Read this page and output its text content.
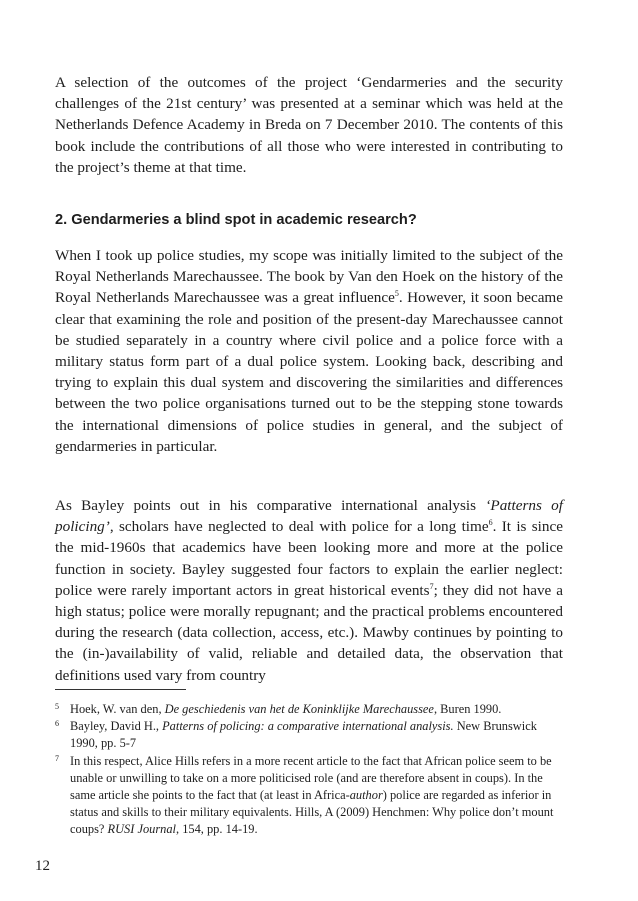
A selection of the outcomes of the project ‘Gendarmeries and the security challenges of the 21st century’ was presented at a seminar which was held at the Netherlands Defence Academy in Breda on 7 December 2010. The contents of this book include the contributions of all those who were interested in contributing to the project’s theme at that time.

2. Gendarmeries a blind spot in academic research?

When I took up police studies, my scope was initially limited to the subject of the Royal Netherlands Marechaussee. The book by Van den Hoek on the history of the Royal Netherlands Marechaussee was a great influence$^5$. However, it soon became clear that examining the role and position of the present-day Marechaussee cannot be studied separately in a country where civil police and a police force with a military status form part of a dual police system. Looking back, describing and trying to explain this dual system and discovering the similarities and differences between the two police organisations turned out to be the stepping stone towards the international dimensions of police studies in general, and the subject of gendarmeries in particular.

As Bayley points out in his comparative international analysis ‘Patterns of policing’, scholars have neglected to deal with police for a long time$^6$. It is since the mid-1960s that academics have been looking more and more at the police function in society. Bayley suggested four factors to explain the earlier neglect: police were rarely important actors in great historical events$^7$; they did not have a high status; police were morally repugnant; and the practical problems encountered during the research (data collection, access, etc.). Mawby continues by pointing to the (in-)availability of valid, reliable and detailed data, the observation that definitions used vary from country

5 Hoek, W. van den, De geschiedenis van het de Koninklijke Marechaussee, Buren 1990.
6 Bayley, David H., Patterns of policing: a comparative international analysis. New Brunswick 1990, pp. 5-7
7 In this respect, Alice Hills refers in a more recent article to the fact that African police seem to be unable or unwilling to take on a more politicised role (and are therefore absent in coups). In the same article she points to the fact that (at least in Africa-author) police are regarded as inferior in status and skills to their military equivalents. Hills, A (2009) Henchmen: Why police don’t mount coups? RUSI Journal, 154, pp. 14-19.
12
